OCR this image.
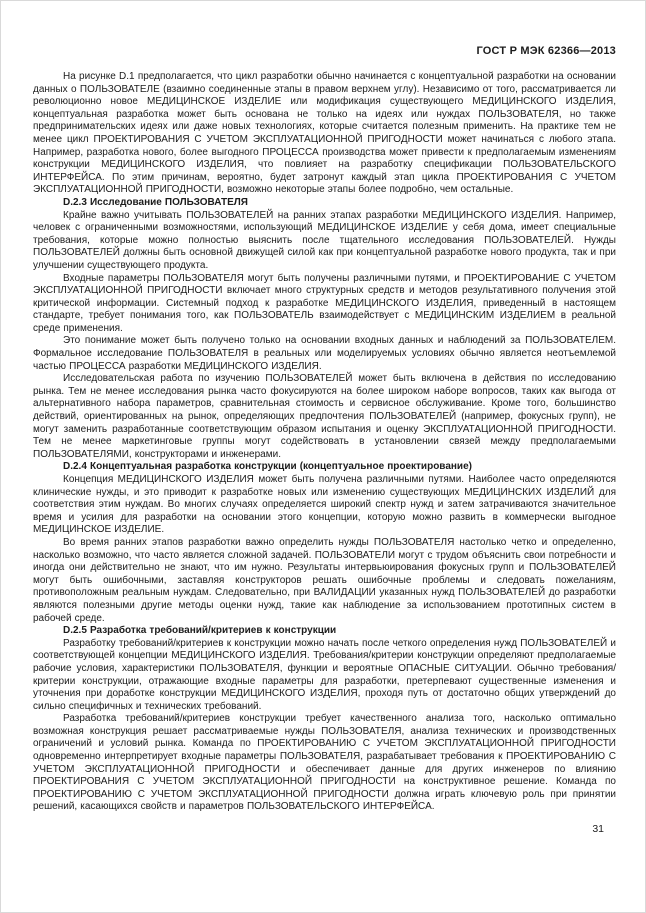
ГОСТ Р МЭК 62366—2013

На рисунке D.1 предполагается, что цикл разработки обычно начинается с концептуальной разработки на основании данных о ПОЛЬЗОВАТЕЛЕ (взаимно соединенные этапы в правом верхнем углу). Независимо от того, рассматривается ли революционно новое МЕДИЦИНСКОЕ ИЗДЕЛИЕ или модификация существующего МЕДИЦИНСКОГО ИЗДЕЛИЯ, концептуальная разработка может быть основана не только на идеях или нуждах ПОЛЬЗОВАТЕЛЯ, но также предпринимательских идеях или даже новых технологиях, которые считается полезным применить. На практике тем не менее цикл ПРОЕКТИРОВАНИЯ С УЧЕТОМ ЭКСПЛУАТАЦИОННОЙ ПРИГОДНОСТИ может начинаться с любого этапа. Например, разработка нового, более выгодного ПРОЦЕССА производства может привести к предполагаемым изменениям конструкции МЕДИЦИНСКОГО ИЗДЕЛИЯ, что повлияет на разработку спецификации ПОЛЬЗОВАТЕЛЬСКОГО ИНТЕРФЕЙСА. По этим причинам, вероятно, будет затронут каждый этап цикла ПРОЕКТИРОВАНИЯ С УЧЕТОМ ЭКСПЛУАТАЦИОННОЙ ПРИГОДНОСТИ, возможно некоторые этапы более подробно, чем остальные.

D.2.3 Исследование ПОЛЬЗОВАТЕЛЯ

Крайне важно учитывать ПОЛЬЗОВАТЕЛЕЙ на ранних этапах разработки МЕДИЦИНСКОГО ИЗДЕЛИЯ. Например, человек с ограниченными возможностями, использующий МЕДИЦИНСКОЕ ИЗДЕЛИЕ у себя дома, имеет специальные требования, которые можно полностью выяснить после тщательного исследования ПОЛЬЗОВАТЕЛЕЙ. Нужды ПОЛЬЗОВАТЕЛЕЙ должны быть основной движущей силой как при концептуальной разработке нового продукта, так и при улучшении существующего продукта.

Входные параметры ПОЛЬЗОВАТЕЛЯ могут быть получены различными путями, и ПРОЕКТИРОВАНИЕ С УЧЕТОМ ЭКСПЛУАТАЦИОННОЙ ПРИГОДНОСТИ включает много структурных средств и методов результативного получения этой критической информации. Системный подход к разработке МЕДИЦИНСКОГО ИЗДЕЛИЯ, приведенный в настоящем стандарте, требует понимания того, как ПОЛЬЗОВАТЕЛЬ взаимодействует с МЕДИЦИНСКИМ ИЗДЕЛИЕМ в реальной среде применения.

Это понимание может быть получено только на основании входных данных и наблюдений за ПОЛЬЗОВАТЕЛЕМ. Формальное исследование ПОЛЬЗОВАТЕЛЯ в реальных или моделируемых условиях обычно является неотъемлемой частью ПРОЦЕССА разработки МЕДИЦИНСКОГО ИЗДЕЛИЯ.

Исследовательская работа по изучению ПОЛЬЗОВАТЕЛЕЙ может быть включена в действия по исследованию рынка. Тем не менее исследования рынка часто фокусируются на более широком наборе вопросов, таких как выгода от альтернативного набора параметров, сравнительная стоимость и сервисное обслуживание. Кроме того, большинство действий, ориентированных на рынок, определяющих предпочтения ПОЛЬЗОВАТЕЛЕЙ (например, фокусных групп), не могут заменить разработанные соответствующим образом испытания и оценку ЭКСПЛУАТАЦИОННОЙ ПРИГОДНОСТИ. Тем не менее маркетинговые группы могут содействовать в установлении связей между предполагаемыми ПОЛЬЗОВАТЕЛЯМИ, конструкторами и инженерами.

D.2.4 Концептуальная разработка конструкции (концептуальное проектирование)

Концепция МЕДИЦИНСКОГО ИЗДЕЛИЯ может быть получена различными путями. Наиболее часто определяются клинические нужды, и это приводит к разработке новых или изменению существующих МЕДИЦИНСКИХ ИЗДЕЛИЙ для соответствия этим нуждам. Во многих случаях определяется широкий спектр нужд и затем затрачиваются значительное время и усилия для разработки на основании этого концепции, которую можно развить в коммерчески выгодное МЕДИЦИНСКОЕ ИЗДЕЛИЕ.

Во время ранних этапов разработки важно определить нужды ПОЛЬЗОВАТЕЛЯ настолько четко и определенно, насколько возможно, что часто является сложной задачей. ПОЛЬЗОВАТЕЛИ могут с трудом объяснить свои потребности и иногда они действительно не знают, что им нужно. Результаты интервьюирования фокусных групп и ПОЛЬЗОВАТЕЛЕЙ могут быть ошибочными, заставляя конструкторов решать ошибочные проблемы и следовать пожеланиям, противоположным реальным нуждам. Следовательно, при ВАЛИДАЦИИ указанных нужд ПОЛЬЗОВАТЕЛЕЙ до разработки являются полезными другие методы оценки нужд, такие как наблюдение за использованием прототипных систем в рабочей среде.

D.2.5 Разработка требований/критериев к конструкции

Разработку требований/критериев к конструкции можно начать после четкого определения нужд ПОЛЬЗОВАТЕЛЕЙ и соответствующей концепции МЕДИЦИНСКОГО ИЗДЕЛИЯ. Требования/критерии конструкции определяют предполагаемые рабочие условия, характеристики ПОЛЬЗОВАТЕЛЯ, функции и вероятные ОПАСНЫЕ СИТУАЦИИ. Обычно требования/критерии конструкции, отражающие входные параметры для разработки, претерпевают существенные изменения и уточнения при доработке конструкции МЕДИЦИНСКОГО ИЗДЕЛИЯ, проходя путь от достаточно общих утверждений до сильно специфичных и технических требований.

Разработка требований/критериев конструкции требует качественного анализа того, насколько оптимально возможная конструкция решает рассматриваемые нужды ПОЛЬЗОВАТЕЛЯ, анализа технических и производственных ограничений и условий рынка. Команда по ПРОЕКТИРОВАНИЮ С УЧЕТОМ ЭКСПЛУАТАЦИОННОЙ ПРИГОДНОСТИ одновременно интерпретирует входные параметры ПОЛЬЗОВАТЕЛЯ, разрабатывает требования к ПРОЕКТИРОВАНИЮ С УЧЕТОМ ЭКСПЛУАТАЦИОННОЙ ПРИГОДНОСТИ и обеспечивает данные для других инженеров по влиянию ПРОЕКТИРОВАНИЯ С УЧЕТОМ ЭКСПЛУАТАЦИОННОЙ ПРИГОДНОСТИ на конструктивное решение. Команда по ПРОЕКТИРОВАНИЮ С УЧЕТОМ ЭКСПЛУАТАЦИОННОЙ ПРИГОДНОСТИ должна играть ключевую роль при принятии решений, касающихся свойств и параметров ПОЛЬЗОВАТЕЛЬСКОГО ИНТЕРФЕЙСА.

31
